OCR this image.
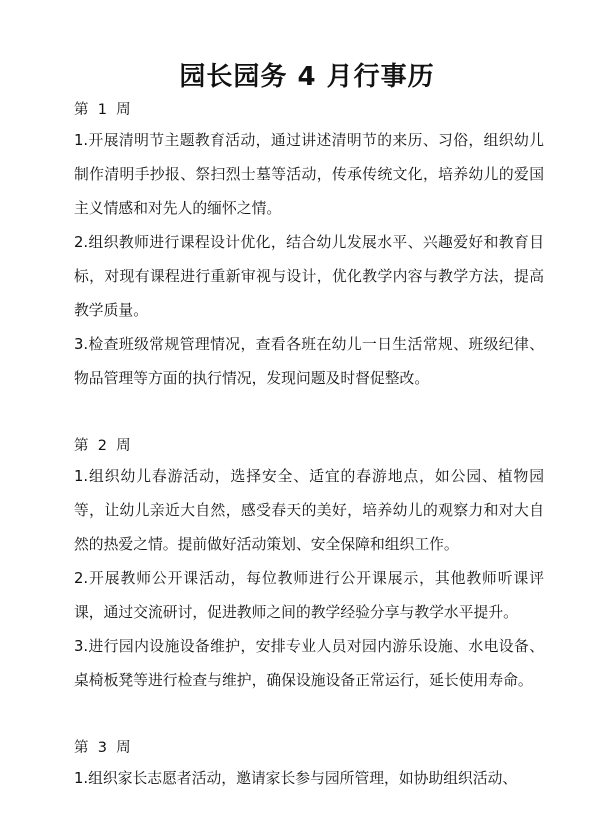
园长园务 4 月行事历
第  1  周

1.开展清明节主题教育活动，通过讲述清明节的来历、习俗，组织幼儿制作清明手抄报、祭扫烈士墓等活动，传承传统文化，培养幼儿的爱国主义情感和对先人的缅怀之情。

2.组织教师进行课程设计优化，结合幼儿发展水平、兴趣爱好和教育目标，对现有课程进行重新审视与设计，优化教学内容与教学方法，提高教学质量。

3.检查班级常规管理情况，查看各班在幼儿一日生活常规、班级纪律、物品管理等方面的执行情况，发现问题及时督促整改。

第  2  周

1.组织幼儿春游活动，选择安全、适宜的春游地点，如公园、植物园等，让幼儿亲近大自然，感受春天的美好，培养幼儿的观察力和对大自然的热爱之情。提前做好活动策划、安全保障和组织工作。

2.开展教师公开课活动，每位教师进行公开课展示，其他教师听课评课，通过交流研讨，促进教师之间的教学经验分享与教学水平提升。

3.进行园内设施设备维护，安排专业人员对园内游乐设施、水电设备、桌椅板凳等进行检查与维护，确保设施设备正常运行，延长使用寿命。

第  3  周

1.组织家长志愿者活动，邀请家长参与园所管理，如协助组织活动、
